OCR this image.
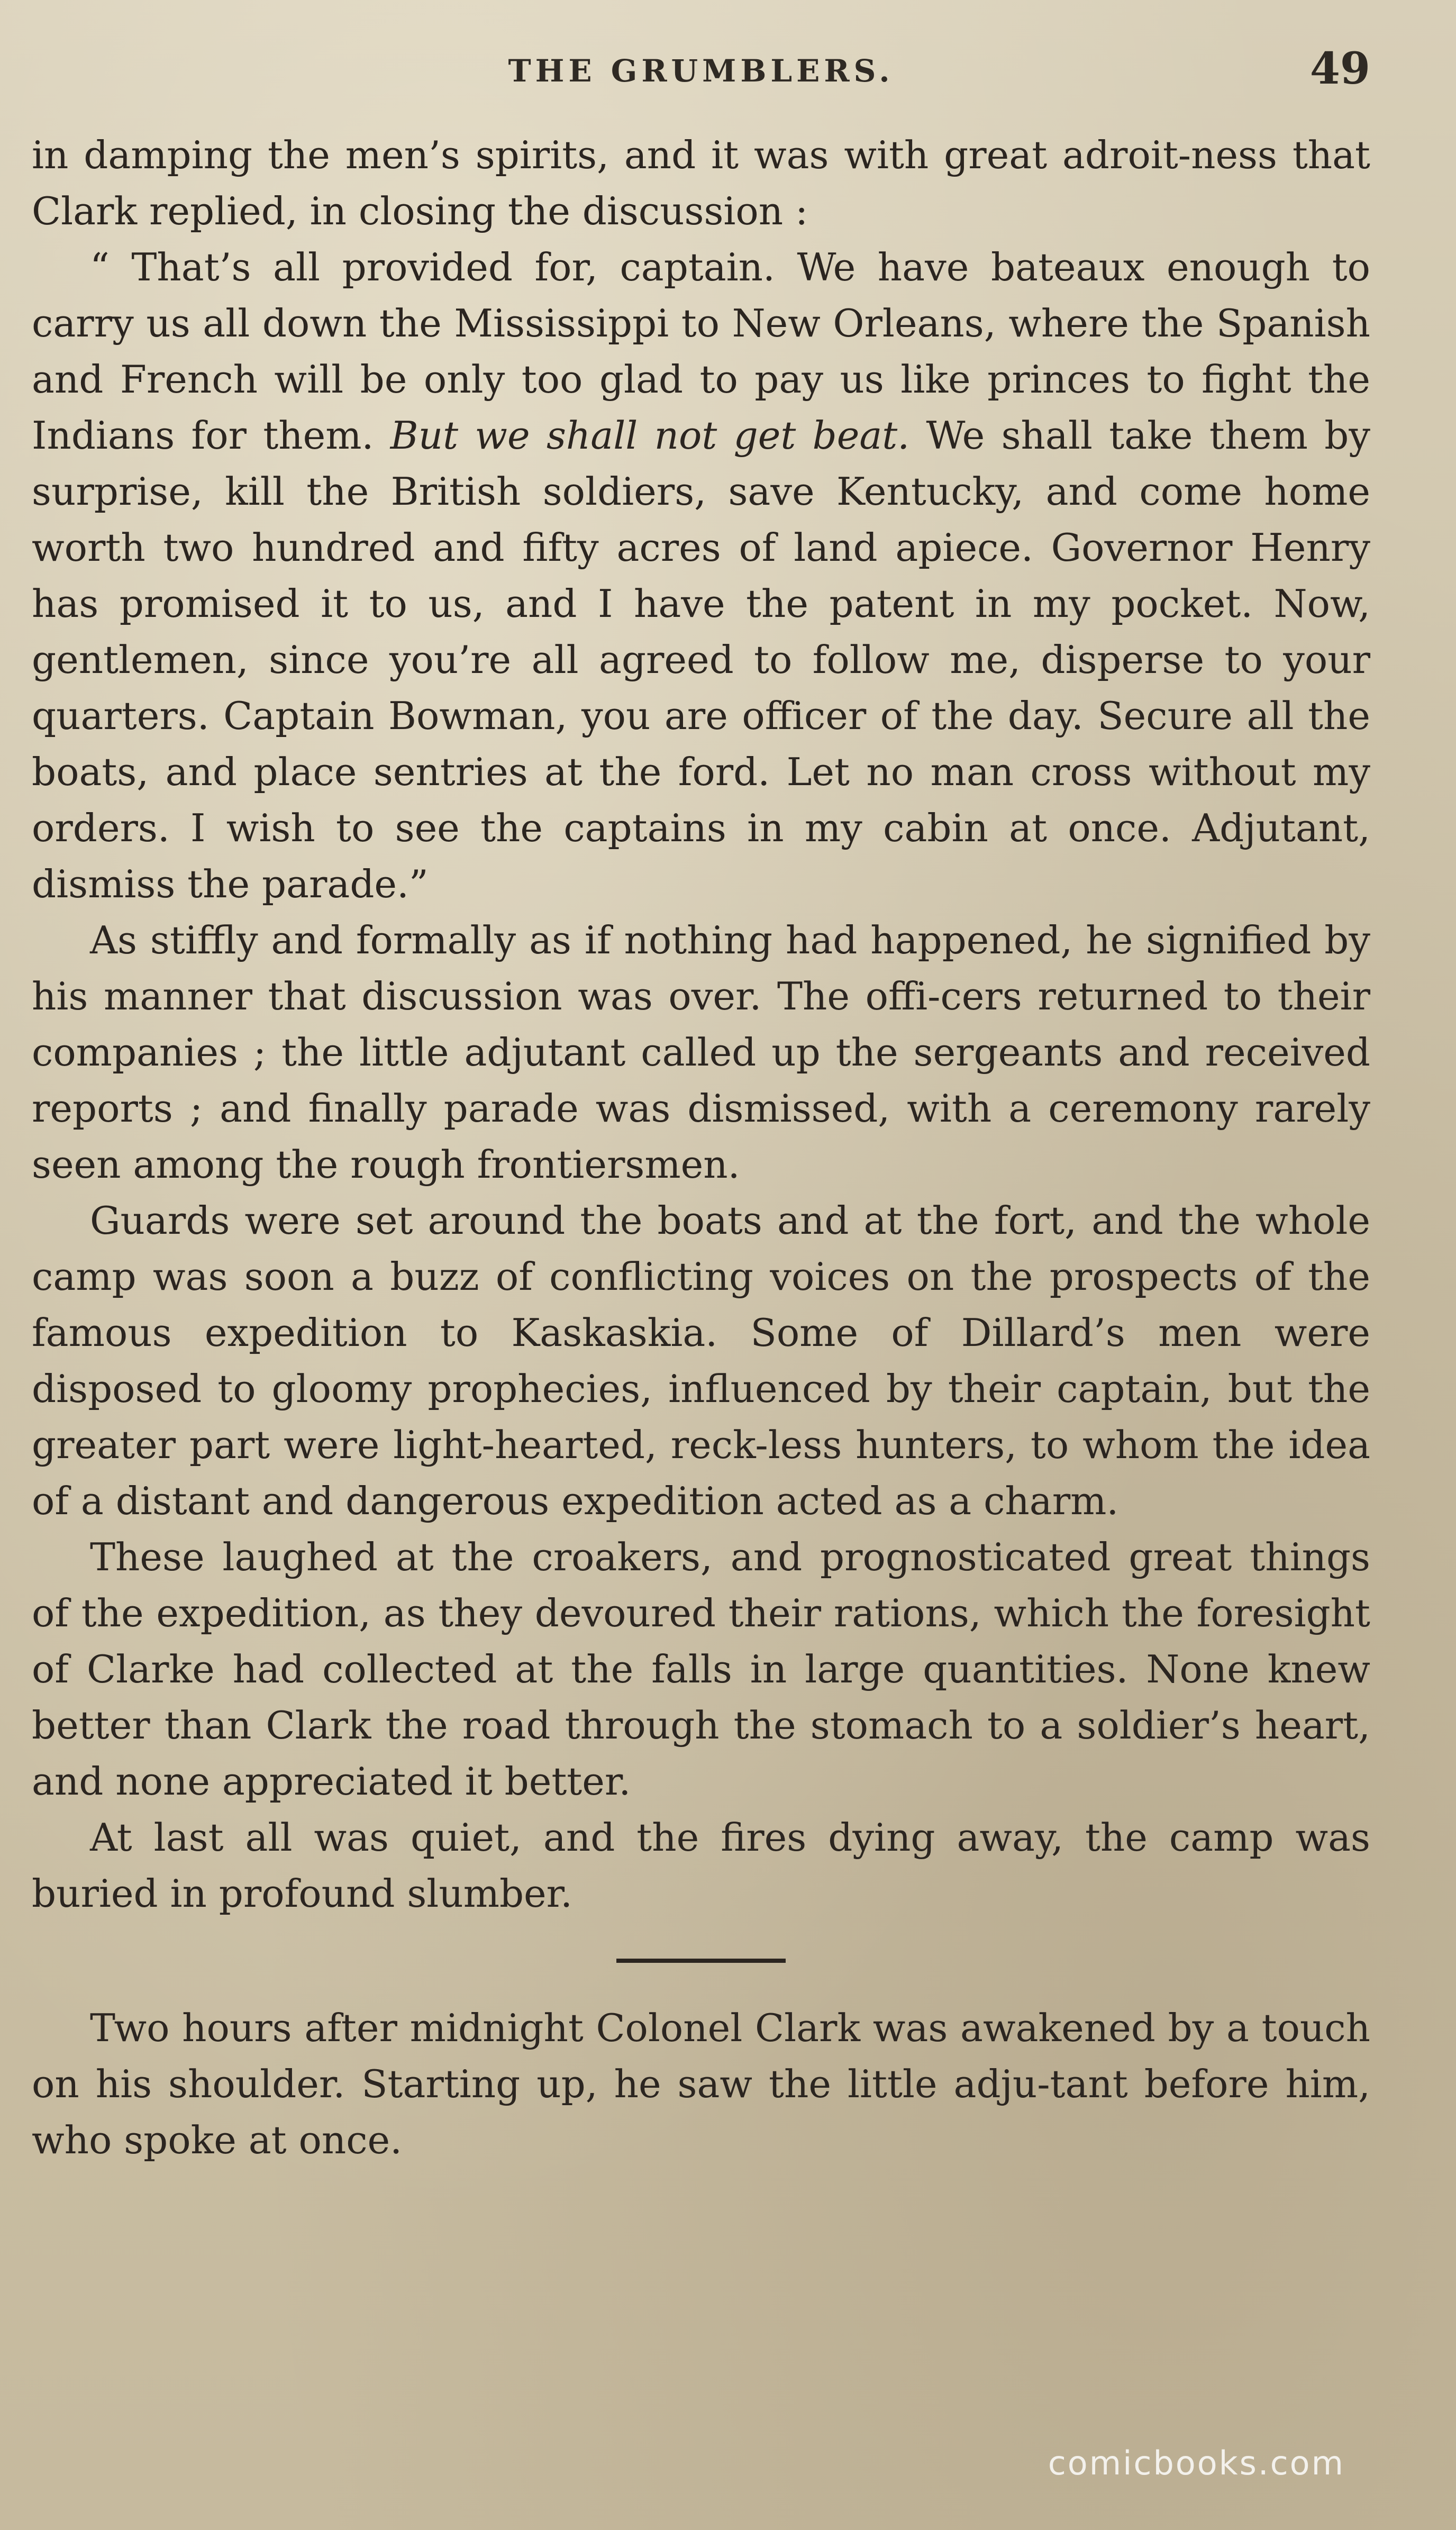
THE GRUMBLERS.	49

in damping the men’s spirits, and it was with great adroit-ness that Clark replied, in closing the discussion :

“ That’s all provided for, captain. We have bateaux enough to carry us all down the Mississippi to New Orleans, where the Spanish and French will be only too glad to pay us like princes to fight the Indians for them. But we shall not get beat. We shall take them by surprise, kill the British soldiers, save Kentucky, and come home worth two hundred and fifty acres of land apiece. Governor Henry has promised it to us, and I have the patent in my pocket. Now, gentlemen, since you’re all agreed to follow me, disperse to your quarters. Captain Bowman, you are officer of the day. Secure all the boats, and place sentries at the ford. Let no man cross without my orders. I wish to see the captains in my cabin at once. Adjutant, dismiss the parade.”

As stiffly and formally as if nothing had happened, he signified by his manner that discussion was over. The offi-cers returned to their companies ; the little adjutant called up the sergeants and received reports ; and finally parade was dismissed, with a ceremony rarely seen among the rough frontiersmen.

Guards were set around the boats and at the fort, and the whole camp was soon a buzz of conflicting voices on the prospects of the famous expedition to Kaskaskia. Some of Dillard’s men were disposed to gloomy prophecies, influenced by their captain, but the greater part were light-hearted, reck-less hunters, to whom the idea of a distant and dangerous expedition acted as a charm.

These laughed at the croakers, and prognosticated great things of the expedition, as they devoured their rations, which the foresight of Clarke had collected at the falls in large quantities. None knew better than Clark the road through the stomach to a soldier’s heart, and none appreciated it better.

At last all was quiet, and the fires dying away, the camp was buried in profound slumber.

Two hours after midnight Colonel Clark was awakened by a touch on his shoulder. Starting up, he saw the little adju-tant before him, who spoke at once.

comicbooks.com
